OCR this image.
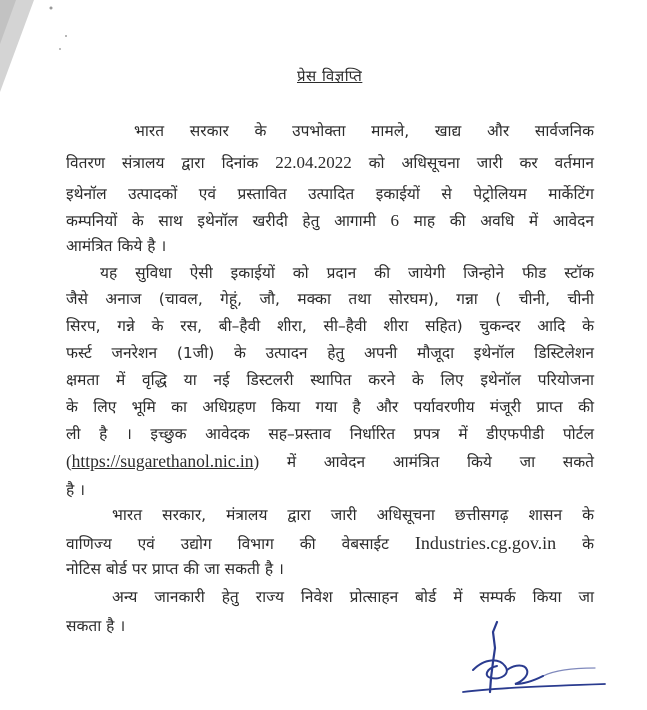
प्रेस विज्ञप्ति
भारत सरकार के उपभोक्ता मामले, खाद्य और सार्वजनिक
वितरण संत्रालय द्वारा दिनांक 22.04.2022 को अधिसूचना जारी कर वर्तमान
इथेनॉल उत्पादकों एवं प्रस्तावित उत्पादित इकाईयों से पेट्रोलियम मार्केटिंग
कम्पनियों के साथ इथेनॉल खरीदी हेतु आगामी 6 माह की अवधि में आवेदन
आमंत्रित किये है ।
यह सुविधा ऐसी इकाईयों को प्रदान की जायेगी जिन्होने फीड स्टॉक
जैसे अनाज (चावल, गेहूं, जौ, मक्का तथा सोरघम), गन्ना ( चीनी, चीनी
सिरप, गन्ने के रस, बी–हैवी शीरा, सी–हैवी शीरा सहित) चुकन्दर आदि के
फर्स्ट जनरेशन (1जी) के उत्पादन हेतु अपनी मौजूदा इथेनॉल डिस्टिलेशन
क्षमता में वृद्धि या नई डिस्टलरी स्थापित करने के लिए इथेनॉल परियोजना
के लिए भूमि का अधिग्रहण किया गया है और पर्यावरणीय मंजूरी प्राप्त की
ली है । इच्छुक आवेदक सह–प्रस्ताव निर्धारित प्रपत्र में डीएफपीडी पोर्टल
(https://sugarethanol.nic.in) में आवेदन आमंत्रित किये जा सकते
है ।
भारत सरकार, मंत्रालय द्वारा जारी अधिसूचना छत्तीसगढ़ शासन के
वाणिज्य एवं उद्योग विभाग की वेबसाईट Industries.cg.gov.in के
नोटिस बोर्ड पर प्राप्त की जा सकती है ।
अन्य जानकारी हेतु राज्य निवेश प्रोत्साहन बोर्ड में सम्पर्क किया जा
सकता है ।
